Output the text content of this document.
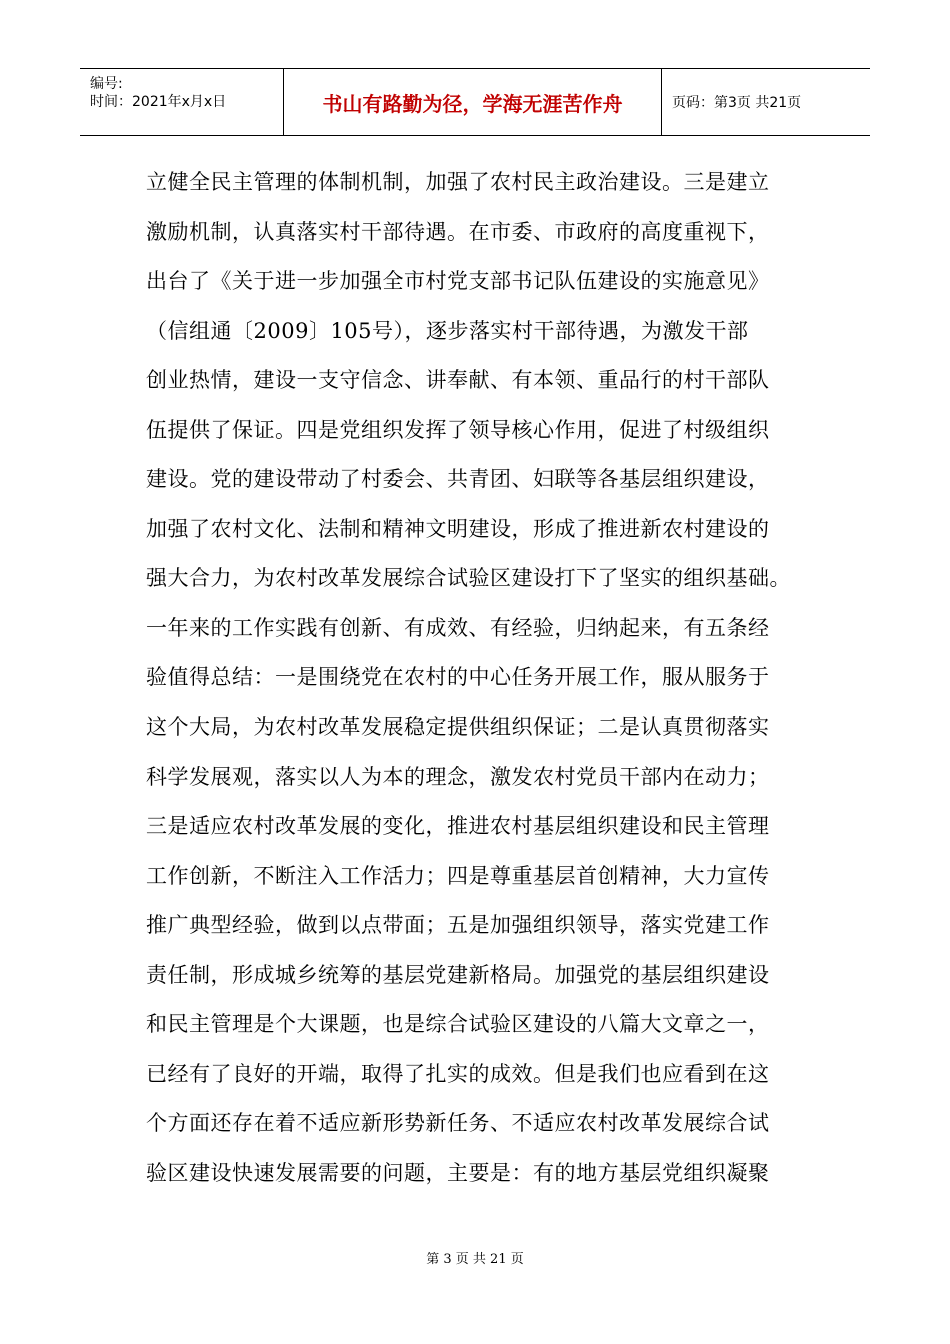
编号:
时间：2021年x月x日	书山有路勤为径，学海无涯苦作舟	页码：第3页 共21页
立健全民主管理的体制机制，加强了农村民主政治建设。三是建立
激励机制，认真落实村干部待遇。在市委、市政府的高度重视下，
出台了《关于进一步加强全市村党支部书记队伍建设的实施意见》
（信组通〔2009〕105号），逐步落实村干部待遇，为激发干部
创业热情，建设一支守信念、讲奉献、有本领、重品行的村干部队
伍提供了保证。四是党组织发挥了领导核心作用，促进了村级组织
建设。党的建设带动了村委会、共青团、妇联等各基层组织建设，
加强了农村文化、法制和精神文明建设，形成了推进新农村建设的
强大合力，为农村改革发展综合试验区建设打下了坚实的组织基础。
一年来的工作实践有创新、有成效、有经验，归纳起来，有五条经
验值得总结：一是围绕党在农村的中心任务开展工作，服从服务于
这个大局，为农村改革发展稳定提供组织保证；二是认真贯彻落实
科学发展观，落实以人为本的理念，激发农村党员干部内在动力；
三是适应农村改革发展的变化，推进农村基层组织建设和民主管理
工作创新，不断注入工作活力；四是尊重基层首创精神，大力宣传
推广典型经验，做到以点带面；五是加强组织领导，落实党建工作
责任制，形成城乡统筹的基层党建新格局。加强党的基层组织建设
和民主管理是个大课题，也是综合试验区建设的八篇大文章之一，
已经有了良好的开端，取得了扎实的成效。但是我们也应看到在这
个方面还存在着不适应新形势新任务、不适应农村改革发展综合试
验区建设快速发展需要的问题，主要是：有的地方基层党组织凝聚
第 3 页 共 21 页
